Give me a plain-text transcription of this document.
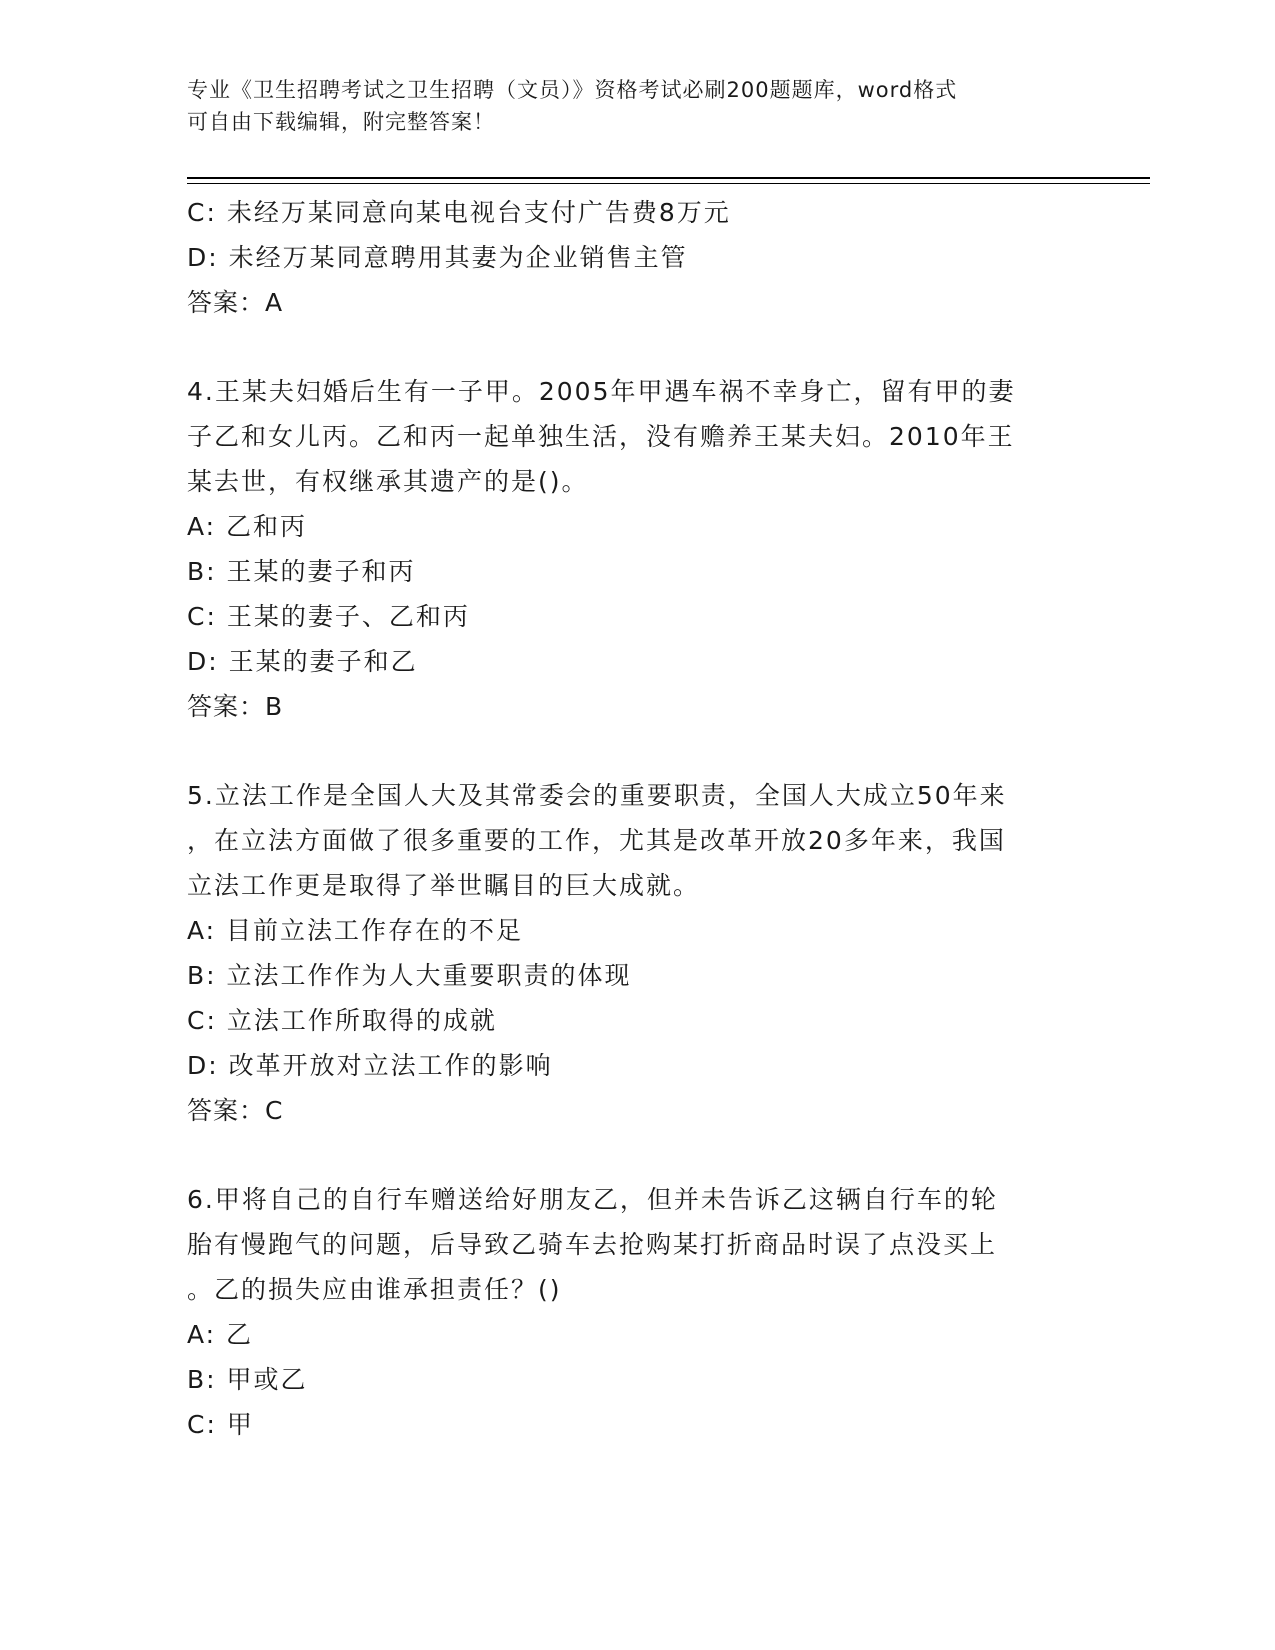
专业《卫生招聘考试之卫生招聘（文员）》资格考试必刷200题题库，word格式
可自由下载编辑，附完整答案！
C: 未经万某同意向某电视台支付广告费8万元
D: 未经万某同意聘用其妻为企业销售主管
答案：A
4.王某夫妇婚后生有一子甲。2005年甲遇车祸不幸身亡，留有甲的妻
子乙和女儿丙。乙和丙一起单独生活，没有赡养王某夫妇。2010年王
某去世，有权继承其遗产的是()。
A: 乙和丙
B: 王某的妻子和丙
C: 王某的妻子、乙和丙
D: 王某的妻子和乙
答案：B
5.立法工作是全国人大及其常委会的重要职责，全国人大成立50年来
，在立法方面做了很多重要的工作，尤其是改革开放20多年来，我国
立法工作更是取得了举世瞩目的巨大成就。
A: 目前立法工作存在的不足
B: 立法工作作为人大重要职责的体现
C: 立法工作所取得的成就
D: 改革开放对立法工作的影响
答案：C
6.甲将自己的自行车赠送给好朋友乙，但并未告诉乙这辆自行车的轮
胎有慢跑气的问题，后导致乙骑车去抢购某打折商品时误了点没买上
。乙的损失应由谁承担责任？()
A: 乙
B: 甲或乙
C: 甲
